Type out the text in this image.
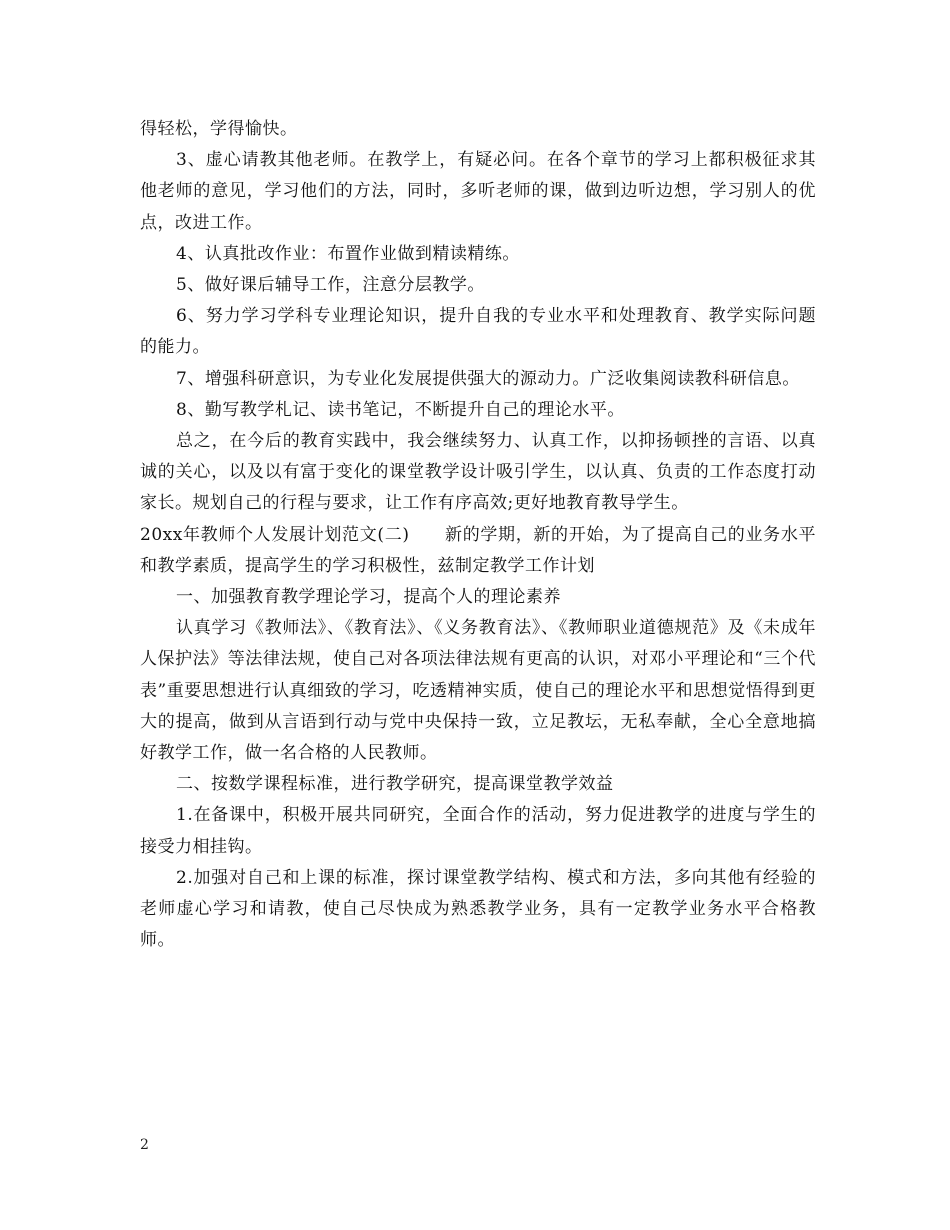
得轻松，学得愉快。

3、虚心请教其他老师。在教学上，有疑必问。在各个章节的学习上都积极征求其他老师的意见，学习他们的方法，同时，多听老师的课，做到边听边想，学习别人的优点，改进工作。

4、认真批改作业：布置作业做到精读精练。

5、做好课后辅导工作，注意分层教学。

6、努力学习学科专业理论知识，提升自我的专业水平和处理教育、教学实际问题的能力。

7、增强科研意识，为专业化发展提供强大的源动力。广泛收集阅读教科研信息。

8、勤写教学札记、读书笔记，不断提升自己的理论水平。

总之，在今后的教育实践中，我会继续努力、认真工作，以抑扬顿挫的言语、以真诚的关心，以及以有富于变化的课堂教学设计吸引学生，以认真、负责的工作态度打动家长。规划自己的行程与要求，让工作有序高效;更好地教育教导学生。

20xx年教师个人发展计划范文(二)　　新的学期，新的开始，为了提高自己的业务水平和教学素质，提高学生的学习积极性，兹制定教学工作计划

一、加强教育教学理论学习，提高个人的理论素养

认真学习《教师法》、《教育法》、《义务教育法》、《教师职业道德规范》及《未成年人保护法》等法律法规，使自己对各项法律法规有更高的认识，对邓小平理论和“三个代表”重要思想进行认真细致的学习，吃透精神实质，使自己的理论水平和思想觉悟得到更大的提高，做到从言语到行动与党中央保持一致，立足教坛，无私奉献，全心全意地搞好教学工作，做一名合格的人民教师。

二、按数学课程标准，进行教学研究，提高课堂教学效益

1.在备课中，积极开展共同研究，全面合作的活动，努力促进教学的进度与学生的接受力相挂钩。

2.加强对自己和上课的标准，探讨课堂教学结构、模式和方法，多向其他有经验的老师虚心学习和请教，使自己尽快成为熟悉教学业务，具有一定教学业务水平合格教师。

2
